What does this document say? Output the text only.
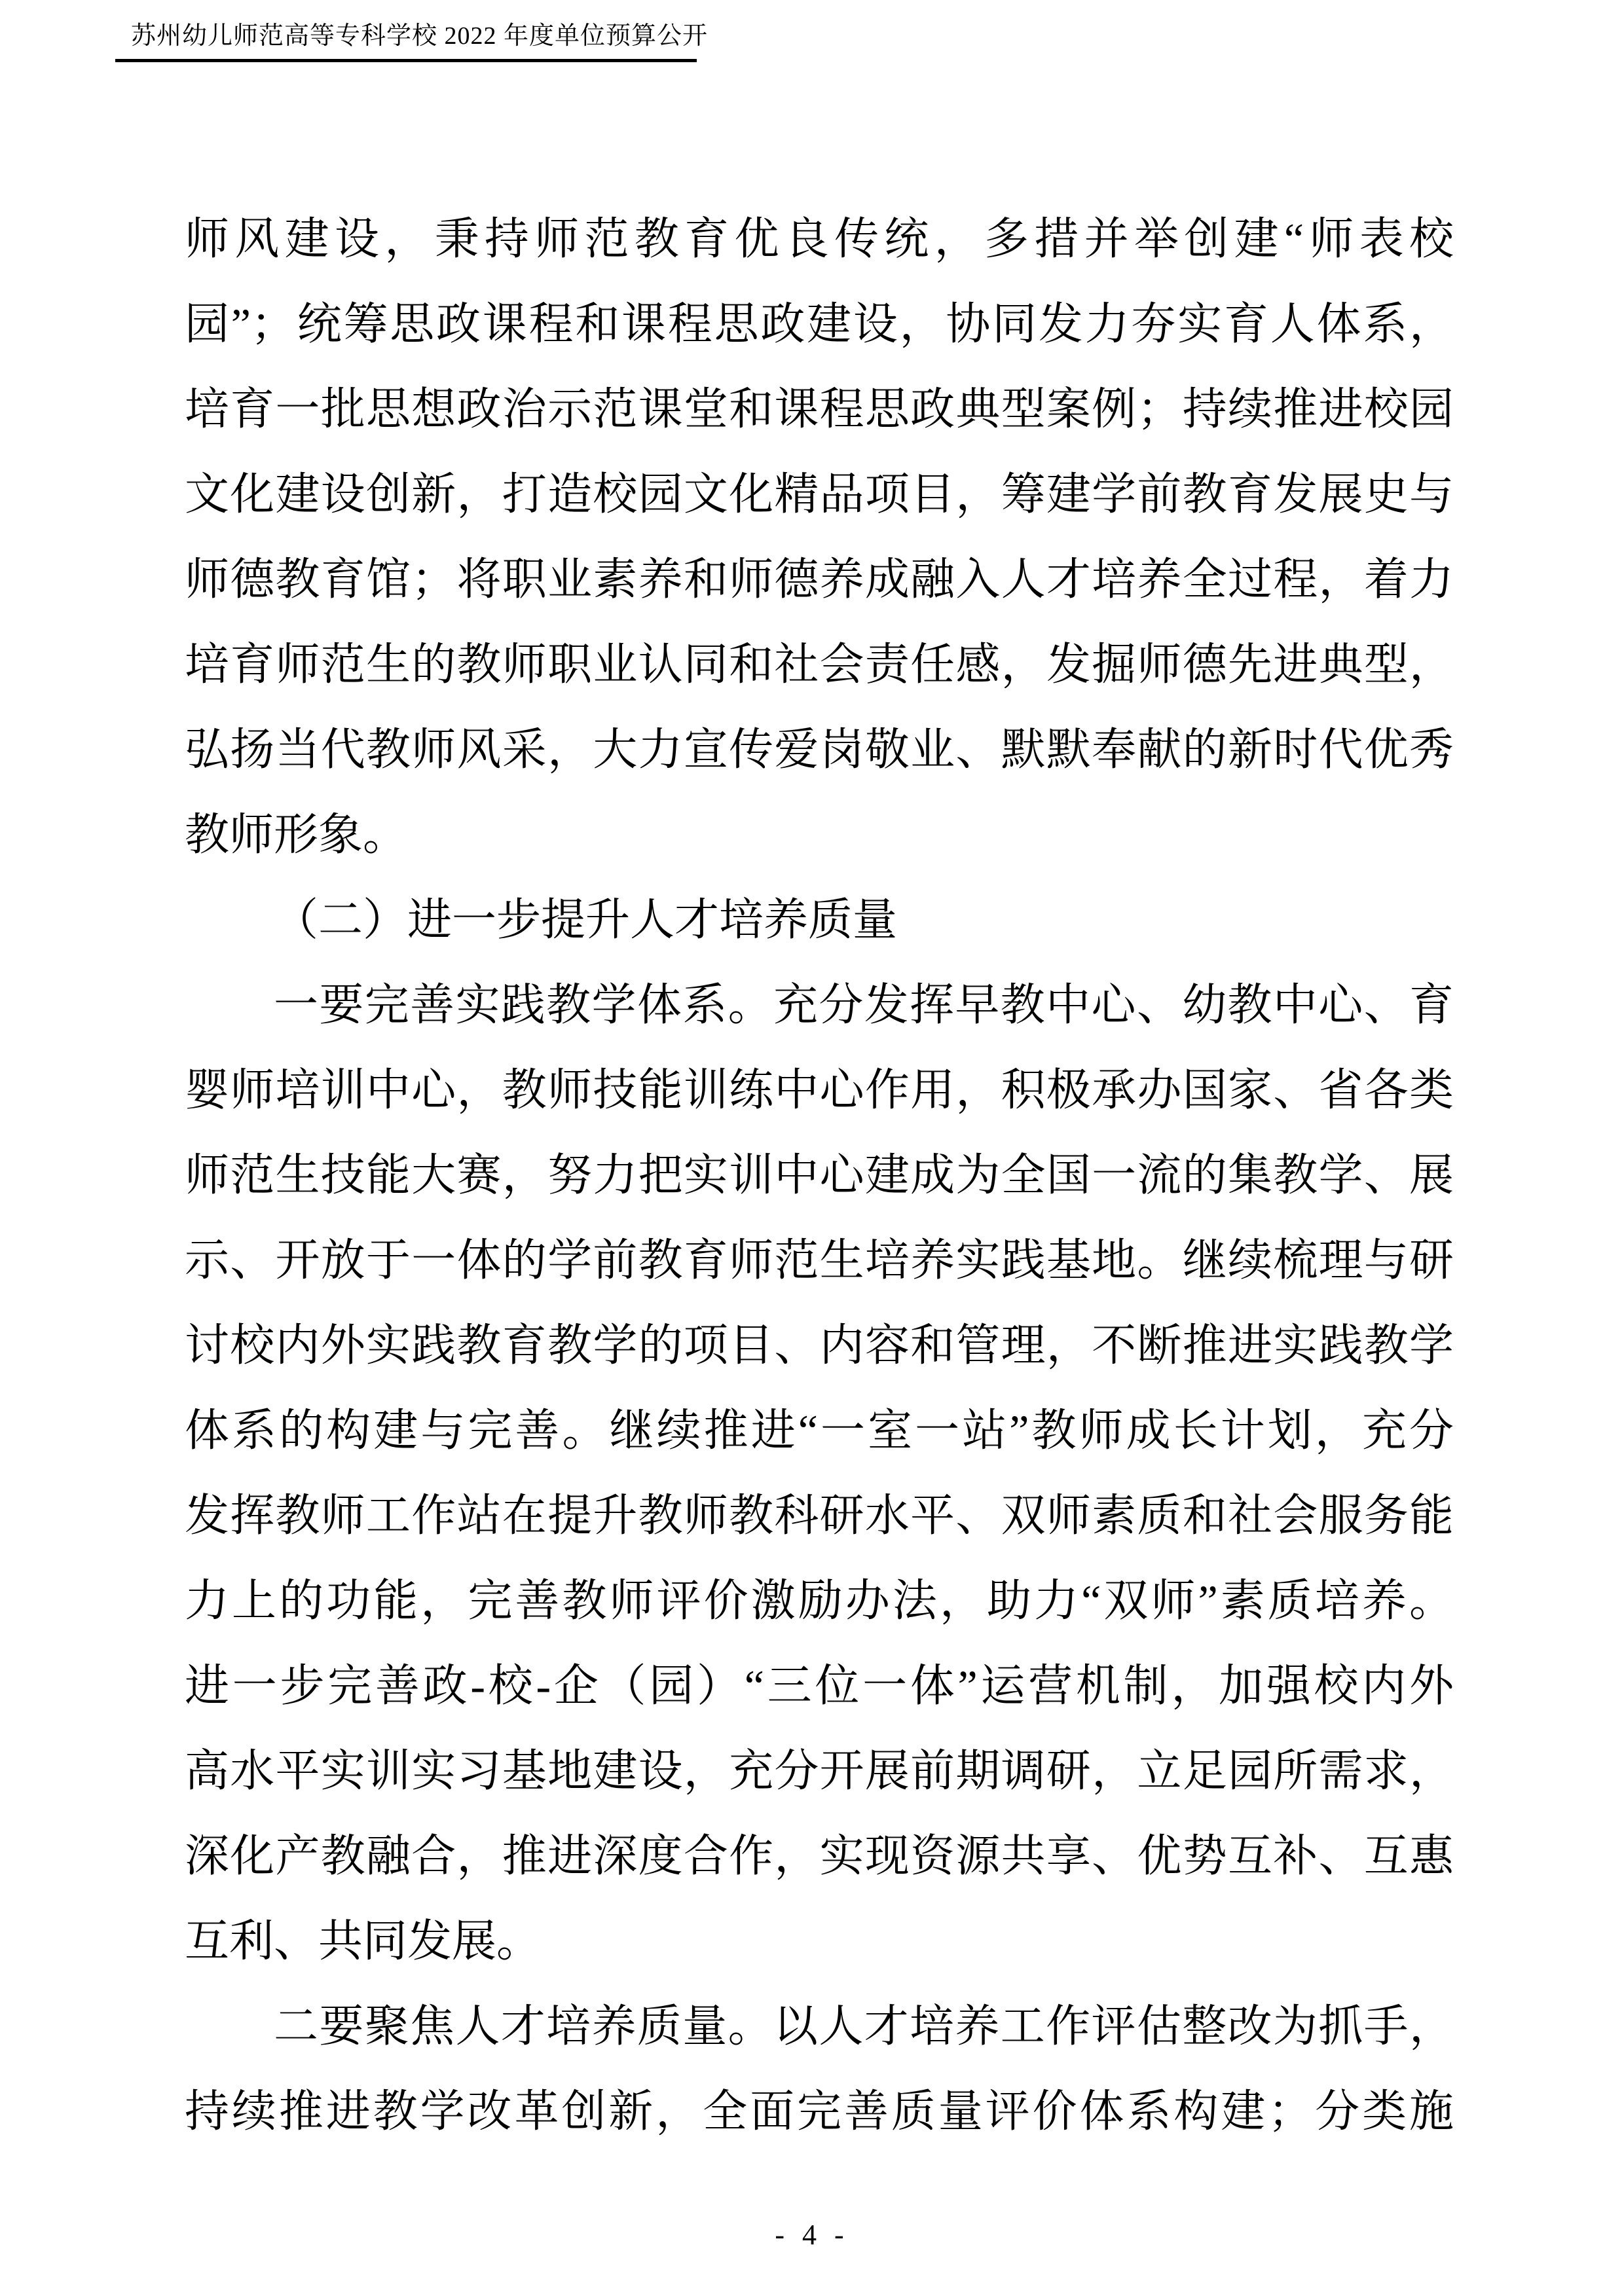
苏州幼儿师范高等专科学校 2022 年度单位预算公开
师风建设，秉持师范教育优良传统，多措并举创建“师表校
园”；统筹思政课程和课程思政建设，协同发力夯实育人体系，
培育一批思想政治示范课堂和课程思政典型案例；持续推进校园
文化建设创新，打造校园文化精品项目，筹建学前教育发展史与
师德教育馆；将职业素养和师德养成融入人才培养全过程，着力
培育师范生的教师职业认同和社会责任感，发掘师德先进典型，
弘扬当代教师风采，大力宣传爱岗敬业、默默奉献的新时代优秀
教师形象。
（二）进一步提升人才培养质量
一要完善实践教学体系。充分发挥早教中心、幼教中心、育
婴师培训中心，教师技能训练中心作用，积极承办国家、省各类
师范生技能大赛，努力把实训中心建成为全国一流的集教学、展
示、开放于一体的学前教育师范生培养实践基地。继续梳理与研
讨校内外实践教育教学的项目、内容和管理，不断推进实践教学
体系的构建与完善。继续推进“一室一站”教师成长计划，充分
发挥教师工作站在提升教师教科研水平、双师素质和社会服务能
力上的功能，完善教师评价激励办法，助力“双师”素质培养。
进一步完善政-校-企（园）“三位一体”运营机制，加强校内外
高水平实训实习基地建设，充分开展前期调研，立足园所需求，
深化产教融合，推进深度合作，实现资源共享、优势互补、互惠
互利、共同发展。
二要聚焦人才培养质量。以人才培养工作评估整改为抓手，
持续推进教学改革创新，全面完善质量评价体系构建；分类施
- 4 -
